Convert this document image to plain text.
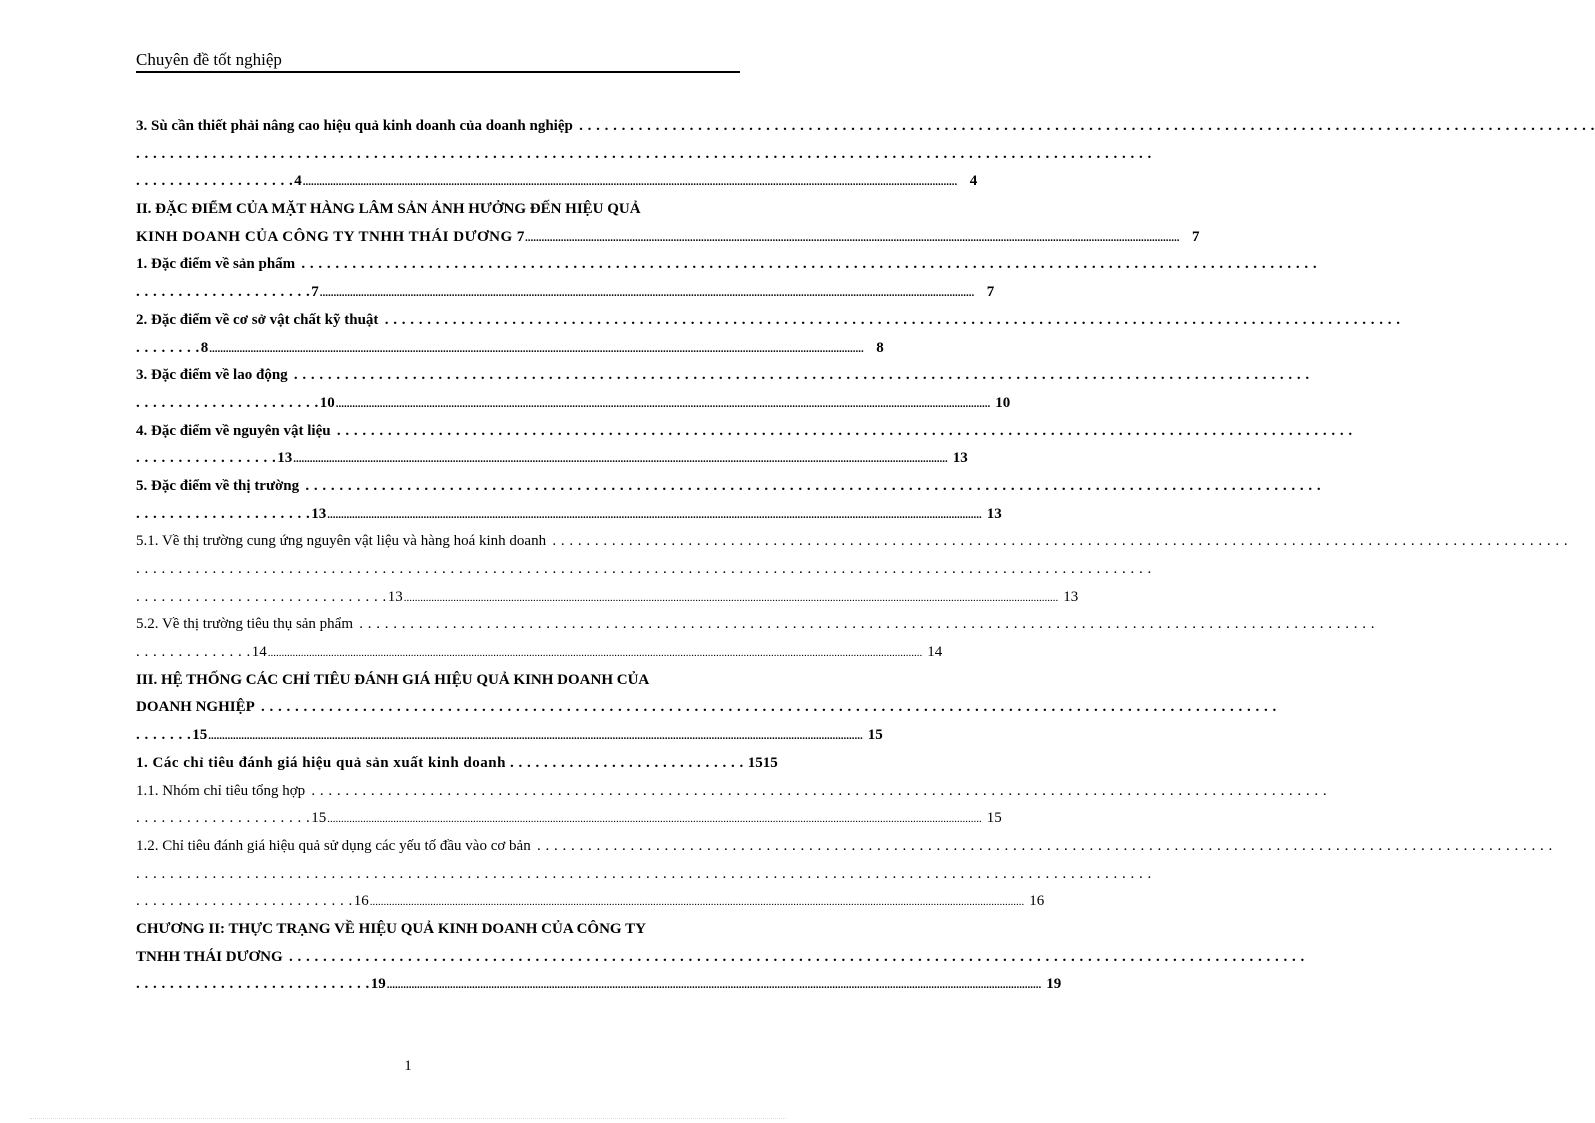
Chuyên đề tốt nghiệp
3. Sù cần thiết phải nâng cao hiệu quả kinh doanh của doanh nghiệp . . .
. . .
. . . . . . . . . . . . . . . . . . . 4 .....	4
II. ĐẶC ĐIỂM CỦA MẶT HÀNG LÂM SẢN ẢNH HƯỞNG ĐẾN HIỆU QUẢ
KINH DOANH CỦA CÔNG TY TNHH THÁI DƯƠNG 7 .....	7
1. Đặc điểm về sản phẩm . . .
. . . . . . . . . . . . . . . . . . . . . 7 .....	7
2. Đặc điểm về cơ sở vật chất kỹ thuật . . .
. . . . . . . . 8 .....	8
3. Đặc điểm về lao động . . .
. . . . . . . . . . . . . . . . . . . . . . 10 .....	10
4. Đặc điểm về nguyên vật liệu . . .
. . . . . . . . . . . . . . . . . 13 .....	13
5. Đặc điểm về thị trường . . .
. . . . . . . . . . . . . . . . . . . . . 13 .....	13
5.1. Về thị trường cung ứng nguyên vật liệu và hàng hoá kinh doanh . . .
. . .
. . . . . . . . . . . . . . . . . . . . . . . . . . . . . . 13 .....	13
5.2. Về thị trường tiêu thụ sản phẩm . . .
. . . . . . . . . . . . . . 14 .....	14
III. HỆ THỐNG CÁC CHỈ TIÊU ĐÁNH GIÁ HIỆU QUẢ KINH DOANH CỦA
DOANH NGHIỆP . . .
. . . . . . . 15 .....	15
1. Các chỉ tiêu đánh giá hiệu quả sản xuất kinh doanh . . . . . . . . . . . . . . . . . . . . . . . . . . . . 1515
1.1. Nhóm chỉ tiêu tổng hợp . . .
. . . . . . . . . . . . . . . . . . . . . 15 .....	15
1.2. Chỉ tiêu đánh giá hiệu quả sử dụng các yếu tố đầu vào cơ bản . . .
. . .
. . . . . . . . . . . . . . . . . . . . . . . . . . 16 .....	16
CHƯƠNG II: THỰC TRẠNG VỀ HIỆU QUẢ KINH DOANH CỦA CÔNG TY
TNHH THÁI DƯƠNG . . .
. . . . . . . . . . . . . . . . . . . . . . . . . . . . 19 .....	19
1
